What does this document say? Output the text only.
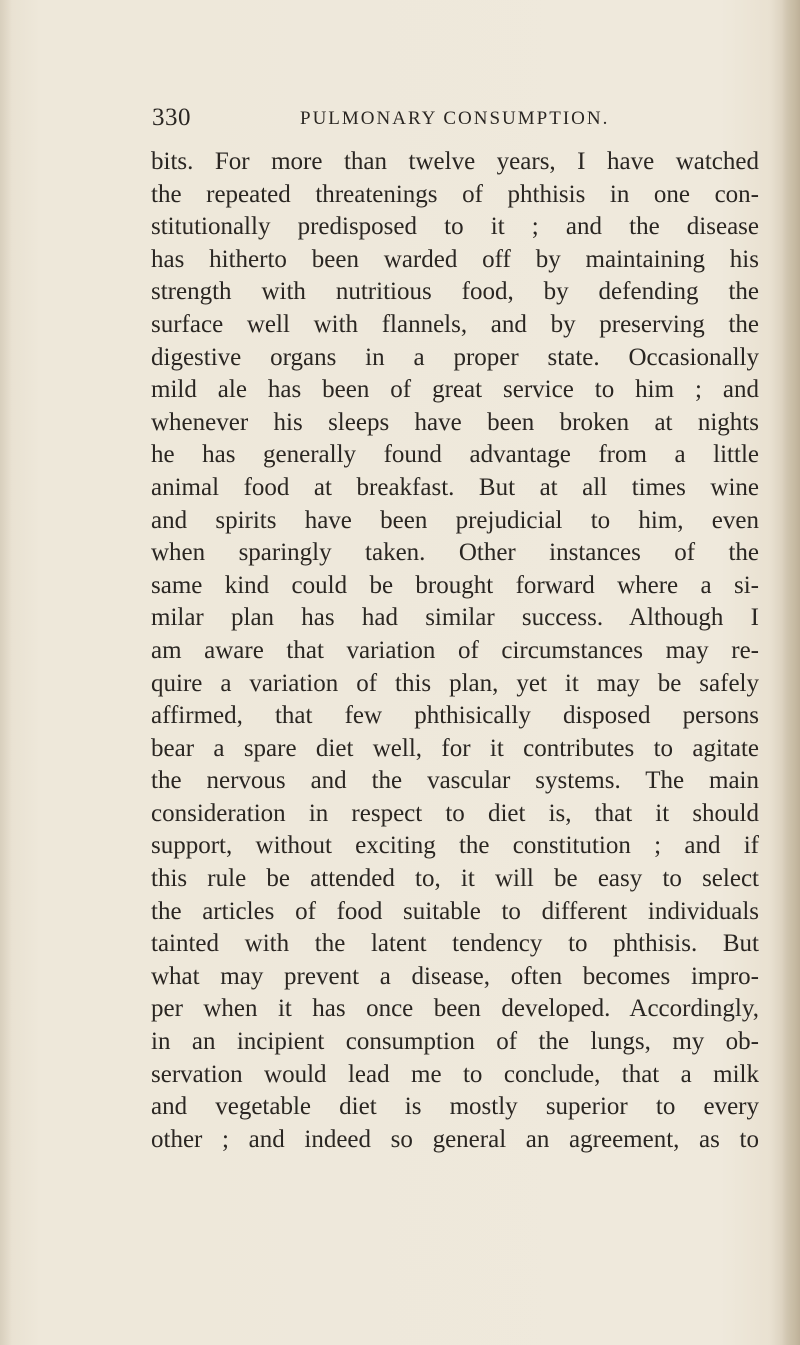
330	PULMONARY CONSUMPTION.
bits. For more than twelve years, I have watched
the repeated threatenings of phthisis in one con-
stitutionally predisposed to it ; and the disease
has hitherto been warded off by maintaining his
strength with nutritious food, by defending the
surface well with flannels, and by preserving the
digestive organs in a proper state. Occasionally
mild ale has been of great service to him ; and
whenever his sleeps have been broken at nights
he has generally found advantage from a little
animal food at breakfast. But at all times wine
and spirits have been prejudicial to him, even
when sparingly taken. Other instances of the
same kind could be brought forward where a si-
milar plan has had similar success. Although I
am aware that variation of circumstances may re-
quire a variation of this plan, yet it may be safely
affirmed, that few phthisically disposed persons
bear a spare diet well, for it contributes to agitate
the nervous and the vascular systems. The main
consideration in respect to diet is, that it should
support, without exciting the constitution ; and if
this rule be attended to, it will be easy to select
the articles of food suitable to different individuals
tainted with the latent tendency to phthisis. But
what may prevent a disease, often becomes impro-
per when it has once been developed. Accordingly,
in an incipient consumption of the lungs, my ob-
servation would lead me to conclude, that a milk
and vegetable diet is mostly superior to every
other ; and indeed so general an agreement, as to
